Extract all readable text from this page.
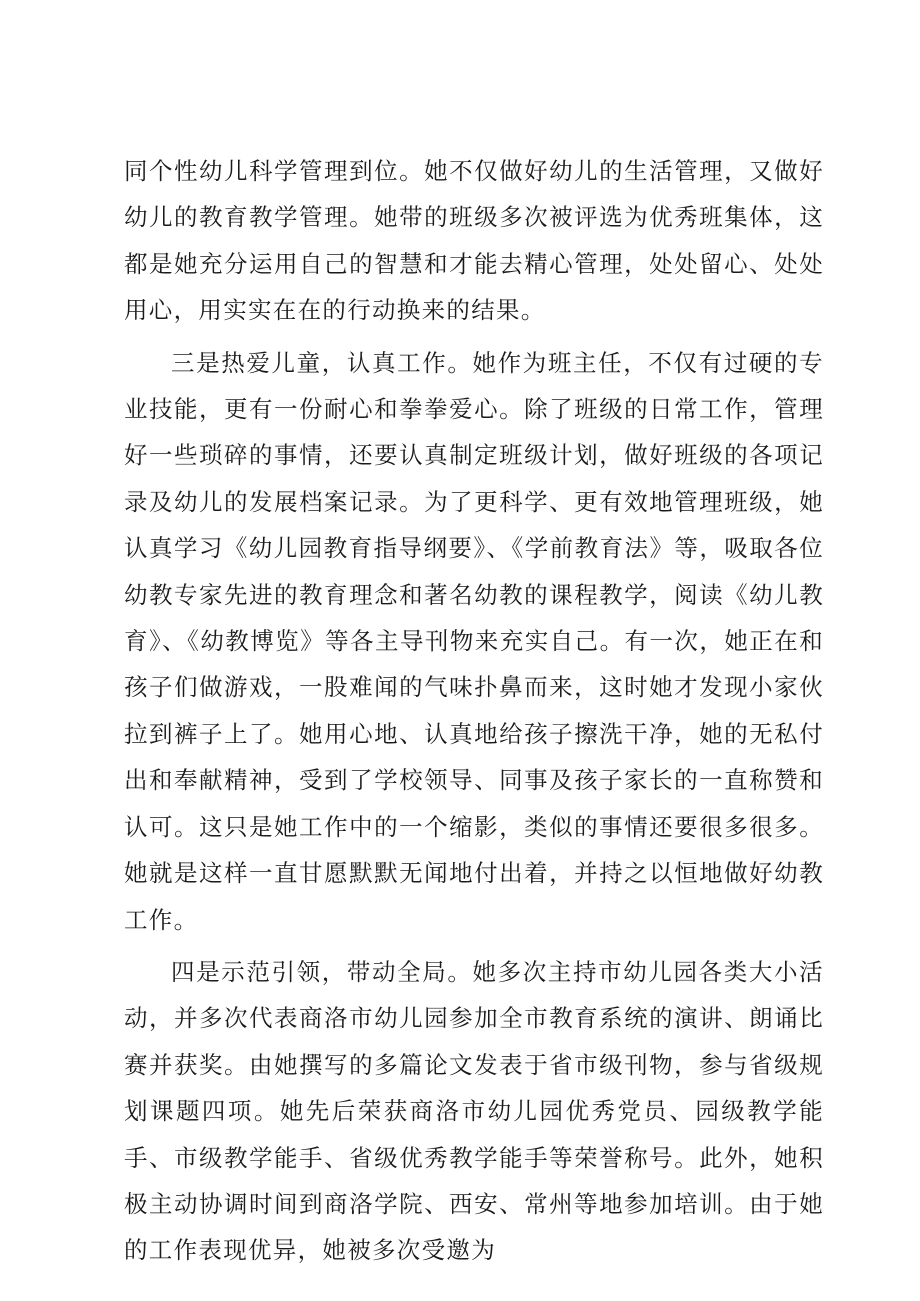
同个性幼儿科学管理到位。她不仅做好幼儿的生活管理，又做好幼儿的教育教学管理。她带的班级多次被评选为优秀班集体，这都是她充分运用自己的智慧和才能去精心管理，处处留心、处处用心，用实实在在的行动换来的结果。

三是热爱儿童，认真工作。她作为班主任，不仅有过硬的专业技能，更有一份耐心和拳拳爱心。除了班级的日常工作，管理好一些琐碎的事情，还要认真制定班级计划，做好班级的各项记录及幼儿的发展档案记录。为了更科学、更有效地管理班级，她认真学习《幼儿园教育指导纲要》、《学前教育法》等，吸取各位幼教专家先进的教育理念和著名幼教的课程教学，阅读《幼儿教育》、《幼教博览》等各主导刊物来充实自己。有一次，她正在和孩子们做游戏，一股难闻的气味扑鼻而来，这时她才发现小家伙拉到裤子上了。她用心地、认真地给孩子擦洗干净，她的无私付出和奉献精神，受到了学校领导、同事及孩子家长的一直称赞和认可。这只是她工作中的一个缩影，类似的事情还要很多很多。她就是这样一直甘愿默默无闻地付出着，并持之以恒地做好幼教工作。

四是示范引领，带动全局。她多次主持市幼儿园各类大小活动，并多次代表商洛市幼儿园参加全市教育系统的演讲、朗诵比赛并获奖。由她撰写的多篇论文发表于省市级刊物，参与省级规划课题四项。她先后荣获商洛市幼儿园优秀党员、园级教学能手、市级教学能手、省级优秀教学能手等荣誉称号。此外，她积极主动协调时间到商洛学院、西安、常州等地参加培训。由于她的工作表现优异，她被多次受邀为
